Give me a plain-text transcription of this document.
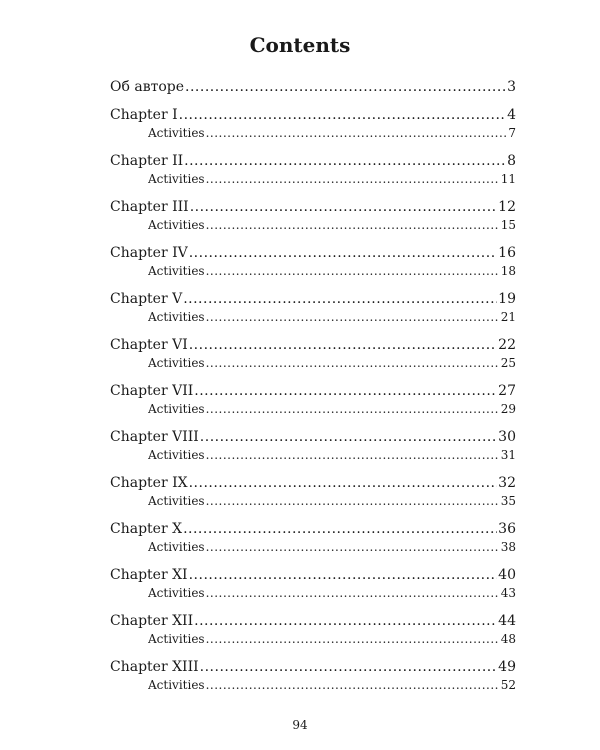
Contents
Об авторе .....	3
Chapter I .....	4
Activities .....	7
Chapter II .....	8
Activities .....	11
Chapter III .....	12
Activities .....	15
Chapter IV .....	16
Activities .....	18
Chapter V .....	19
Activities .....	21
Chapter VI .....	22
Activities .....	25
Chapter VII .....	27
Activities .....	29
Chapter VIII .....	30
Activities .....	31
Chapter IX .....	32
Activities .....	35
Chapter X .....	36
Activities .....	38
Chapter XI .....	40
Activities .....	43
Chapter XII .....	44
Activities .....	48
Chapter XIII .....	49
Activities .....	52
94
